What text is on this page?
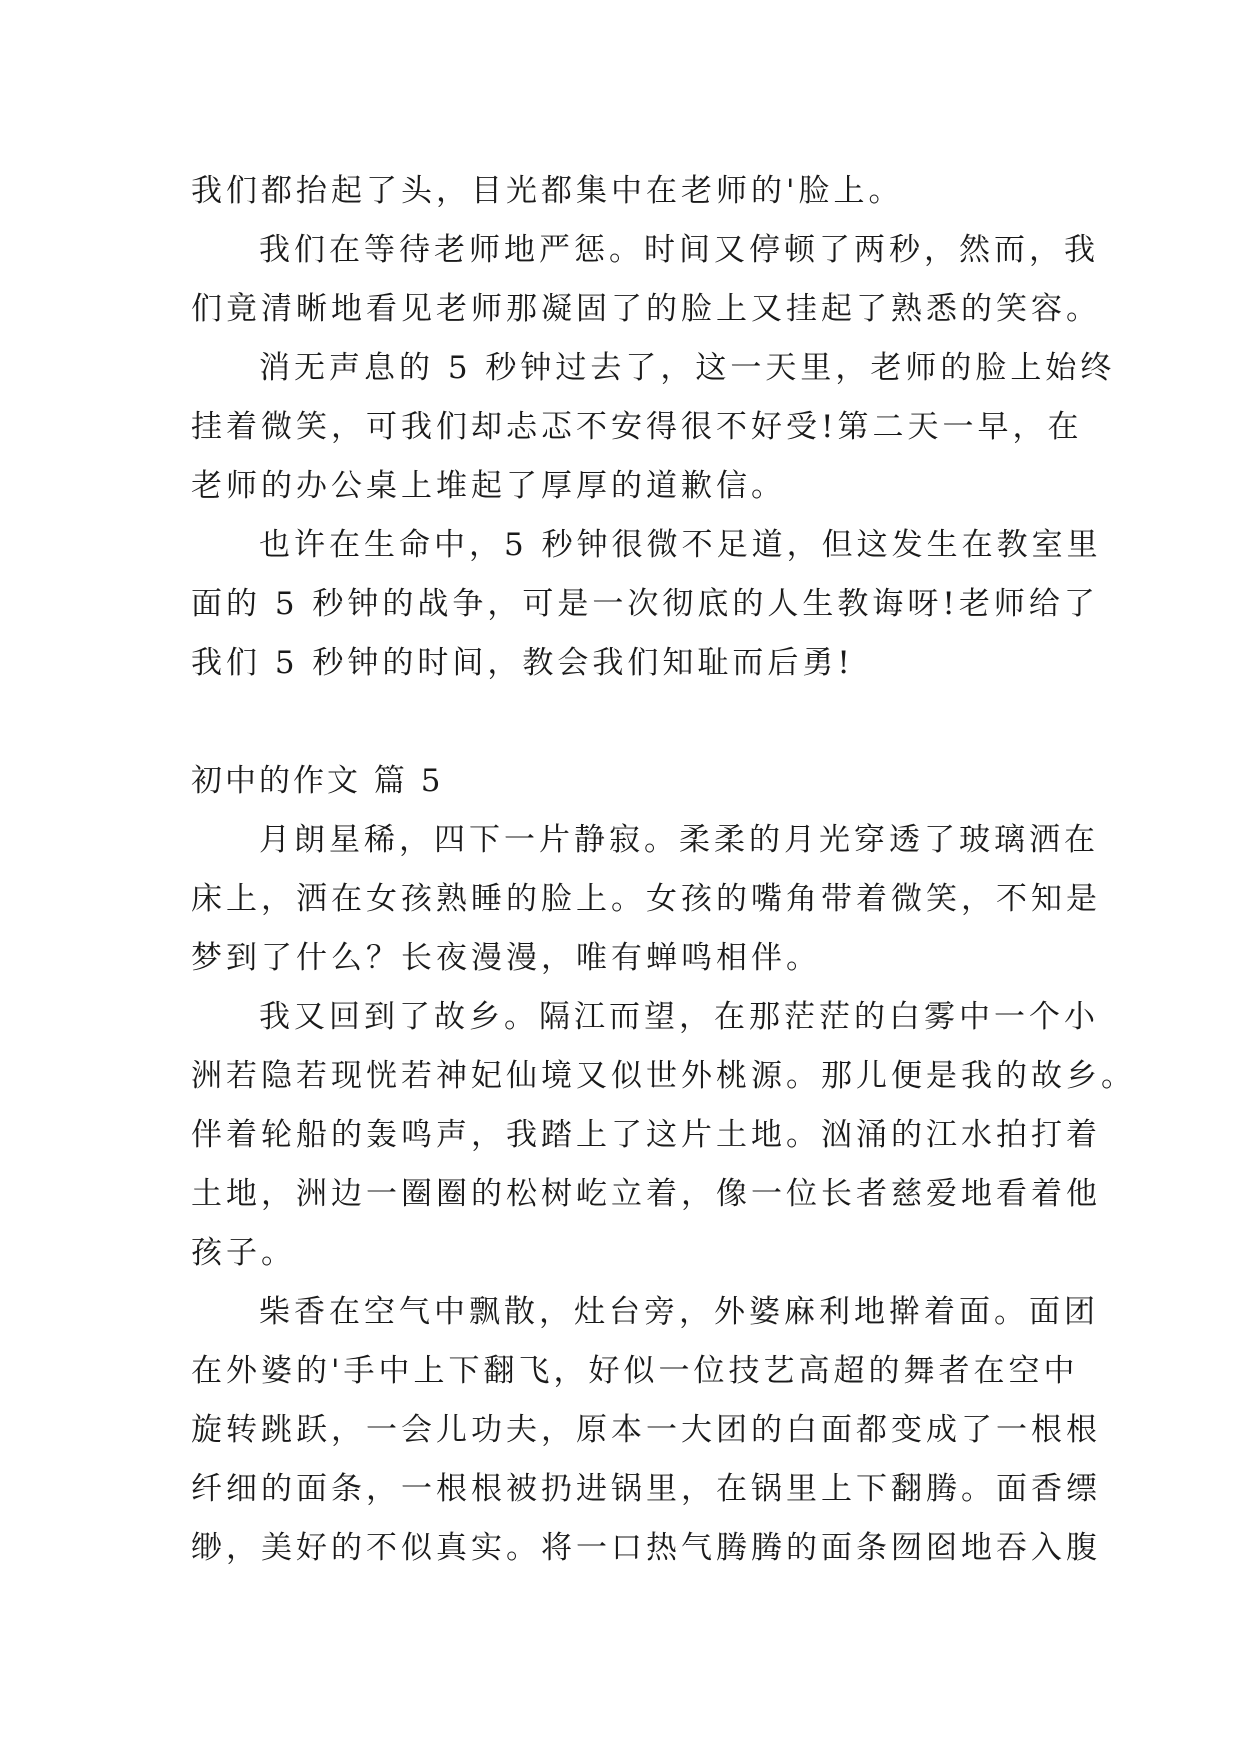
我们都抬起了头，目光都集中在老师的'脸上。

我们在等待老师地严惩。时间又停顿了两秒，然而，我
们竟清晰地看见老师那凝固了的脸上又挂起了熟悉的笑容。

消无声息的 5 秒钟过去了，这一天里，老师的脸上始终
挂着微笑，可我们却忐忑不安得很不好受!第二天一早，在
老师的办公桌上堆起了厚厚的道歉信。

也许在生命中，5 秒钟很微不足道，但这发生在教室里
面的 5 秒钟的战争，可是一次彻底的人生教诲呀!老师给了
我们 5 秒钟的时间，教会我们知耻而后勇!

初中的作文 篇 5

月朗星稀，四下一片静寂。柔柔的月光穿透了玻璃洒在
床上，洒在女孩熟睡的脸上。女孩的嘴角带着微笑，不知是
梦到了什么？长夜漫漫，唯有蝉鸣相伴。

我又回到了故乡。隔江而望，在那茫茫的白雾中一个小
洲若隐若现恍若神妃仙境又似世外桃源。那儿便是我的故乡。
伴着轮船的轰鸣声，我踏上了这片土地。汹涌的江水拍打着
土地，洲边一圈圈的松树屹立着，像一位长者慈爱地看着他
孩子。

柴香在空气中飘散，灶台旁，外婆麻利地擀着面。面团
在外婆的'手中上下翻飞，好似一位技艺高超的舞者在空中
旋转跳跃，一会儿功夫，原本一大团的白面都变成了一根根
纤细的面条，一根根被扔进锅里，在锅里上下翻腾。面香缥
缈，美好的不似真实。将一口热气腾腾的面条囫囵地吞入腹
